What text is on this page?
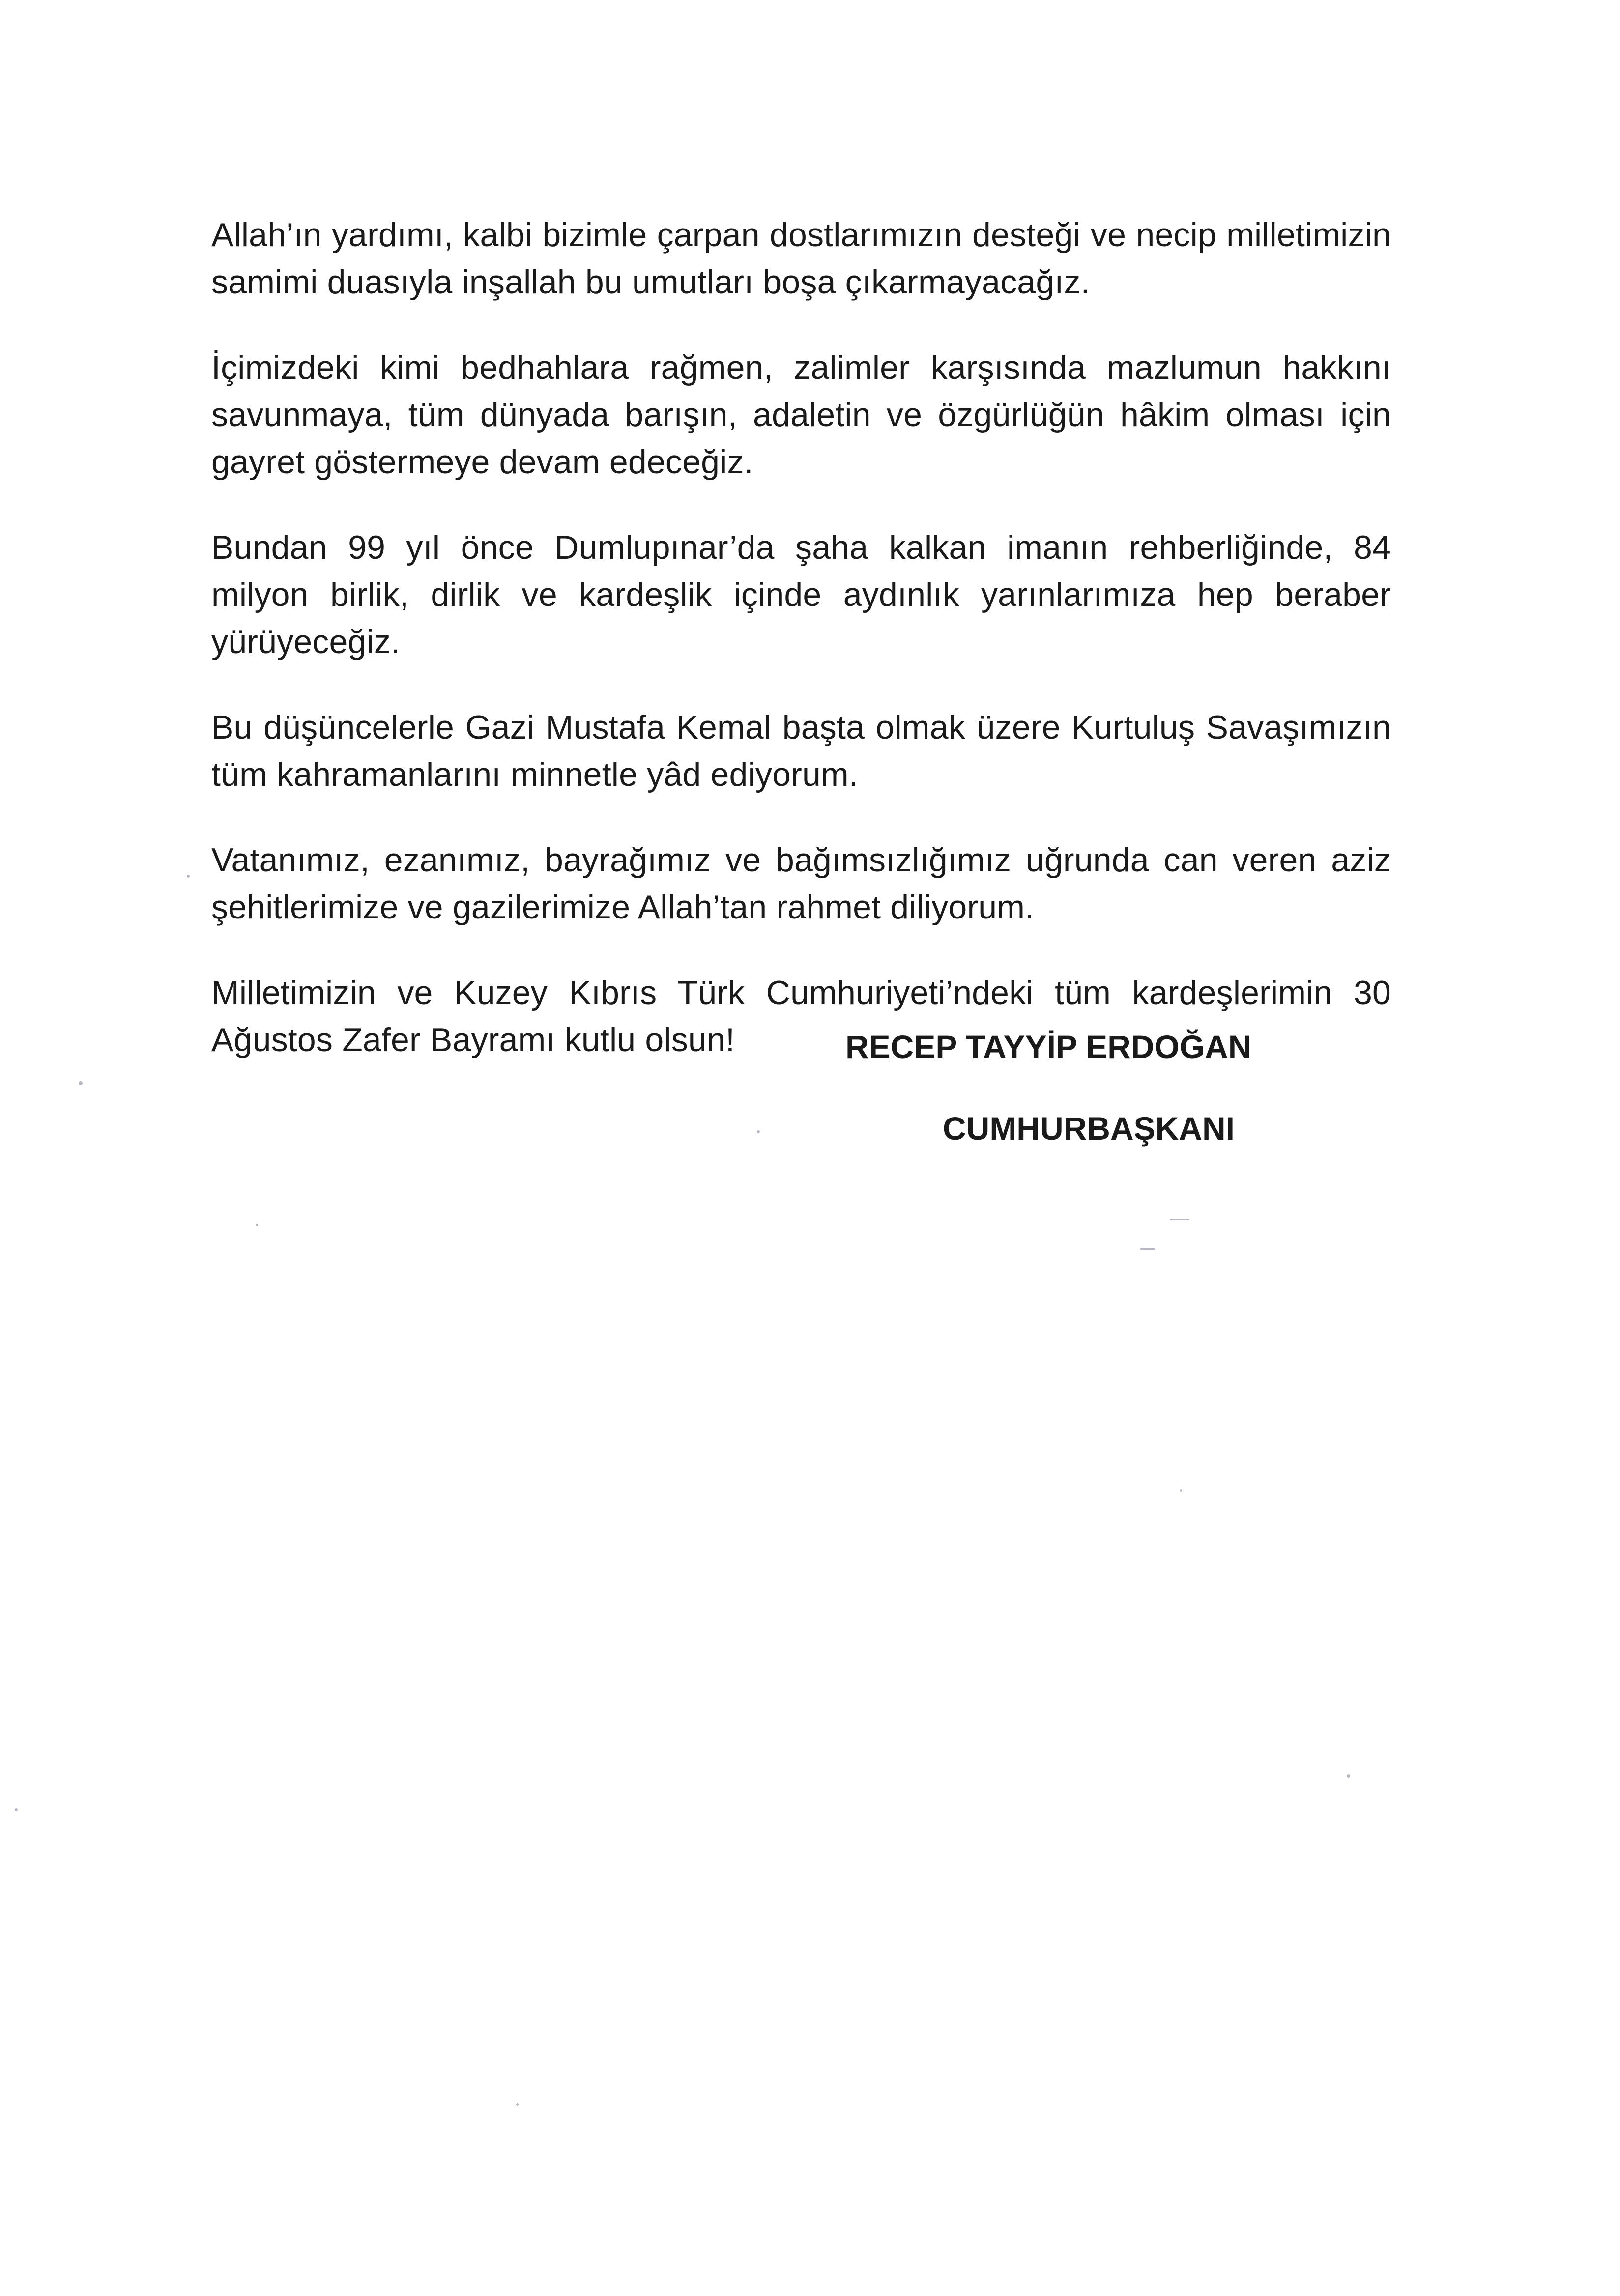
Allah’ın yardımı, kalbi bizimle çarpan dostlarımızın desteği ve necip milletimizin samimi duasıyla inşallah bu umutları boşa çıkarmayacağız.

İçimizdeki kimi bedhahlara rağmen, zalimler karşısında mazlumun hakkını savunmaya, tüm dünyada barışın, adaletin ve özgürlüğün hâkim olması için gayret göstermeye devam edeceğiz.

Bundan 99 yıl önce Dumlupınar’da şaha kalkan imanın rehberliğinde, 84 milyon birlik, dirlik ve kardeşlik içinde aydınlık yarınlarımıza hep beraber yürüyeceğiz.

Bu düşüncelerle Gazi Mustafa Kemal başta olmak üzere Kurtuluş Savaşımızın tüm kahramanlarını minnetle yâd ediyorum.

Vatanımız, ezanımız, bayrağımız ve bağımsızlığımız uğrunda can veren aziz şehitlerimize ve gazilerimize Allah’tan rahmet diliyorum.

Milletimizin ve Kuzey Kıbrıs Türk Cumhuriyeti’ndeki tüm kardeşlerimin 30 Ağustos Zafer Bayramı kutlu olsun!	RECEP TAYYİP ERDOĞAN

CUMHURBAŞKANI
